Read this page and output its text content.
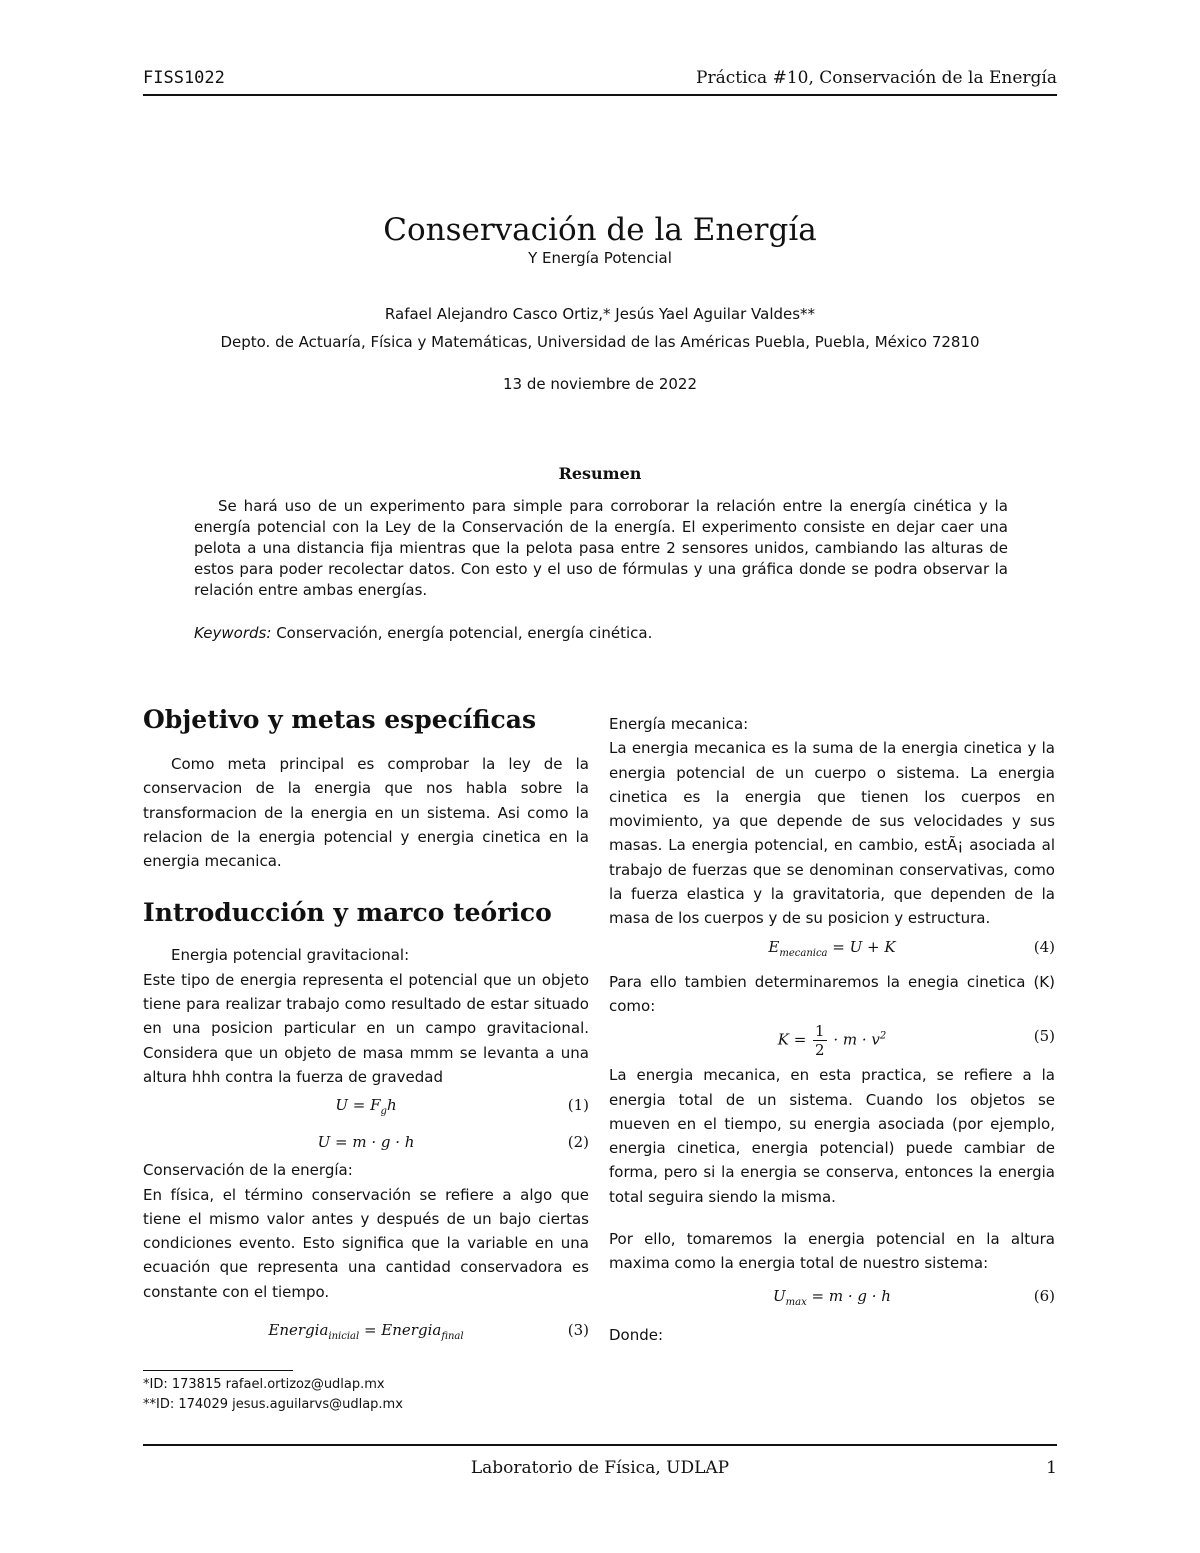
FISS1022	Práctica #10, Conservación de la Energía
Conservación de la Energía
Y Energía Potencial
Rafael Alejandro Casco Ortiz,* Jesús Yael Aguilar Valdes**
Depto. de Actuaría, Física y Matemáticas, Universidad de las Américas Puebla, Puebla, México 72810
13 de noviembre de 2022
Resumen
Se hará uso de un experimento para simple para corroborar la relación entre la energía cinética y la energía potencial con la Ley de la Conservación de la energía. El experimento consiste en dejar caer una pelota a una distancia fija mientras que la pelota pasa entre 2 sensores unidos, cambiando las alturas de estos para poder recolectar datos. Con esto y el uso de fórmulas y una gráfica donde se podra observar la relación entre ambas energías.
Keywords: Conservación, energía potencial, energía cinética.
Objetivo y metas específicas

Como meta principal es comprobar la ley de la conservacion de la energia que nos habla sobre la transformacion de la energia en un sistema. Asi como la relacion de la energia potencial y energia cinetica en la energia mecanica.

Introducción y marco teórico

Energia potencial gravitacional:

Este tipo de energia representa el potencial que un objeto tiene para realizar trabajo como resultado de estar situado en una posicion particular en un campo gravitacional. Considera que un objeto de masa mmm se levanta a una altura hhh contra la fuerza de gravedad

$U = F_gh$	(1)
U = m · g · h	(2)

Conservación de la energía:

En física, el término conservación se refiere a algo que tiene el mismo valor antes y después de un bajo ciertas condiciones evento. Esto significa que la variable en una ecuación que representa una cantidad conservadora es constante con el tiempo.

Energia$_{inicial}$ = Energia$_{final}$	(3)

Energía mecanica:

La energia mecanica es la suma de la energia cinetica y la energia potencial de un cuerpo o sistema. La energia cinetica es la energia que tienen los cuerpos en movimiento, ya que depende de sus velocidades y sus masas. La energia potencial, en cambio, estÃ¡ asociada al trabajo de fuerzas que se denominan conservativas, como la fuerza elastica y la gravitatoria, que dependen de la masa de los cuerpos y de su posicion y estructura.

$E_{mecanica} = U + K$	(4)

Para ello tambien determinaremos la enegia cinetica (K) como:

$K = \frac{1}{2} \cdot m \cdot v^2$	(5)

La energia mecanica, en esta practica, se refiere a la energia total de un sistema. Cuando los objetos se mueven en el tiempo, su energia asociada (por ejemplo, energia cinetica, energia potencial) puede cambiar de forma, pero si la energia se conserva, entonces la energia total seguira siendo la misma.

Por ello, tomaremos la energia potencial en la altura maxima como la energia total de nuestro sistema:

$U_{max} = m \cdot g \cdot h$	(6)

Donde:

*ID: 173815 rafael.ortizoz@udlap.mx
**ID: 174029 jesus.aguilarvs@udlap.mx
Laboratorio de Física, UDLAP	1
